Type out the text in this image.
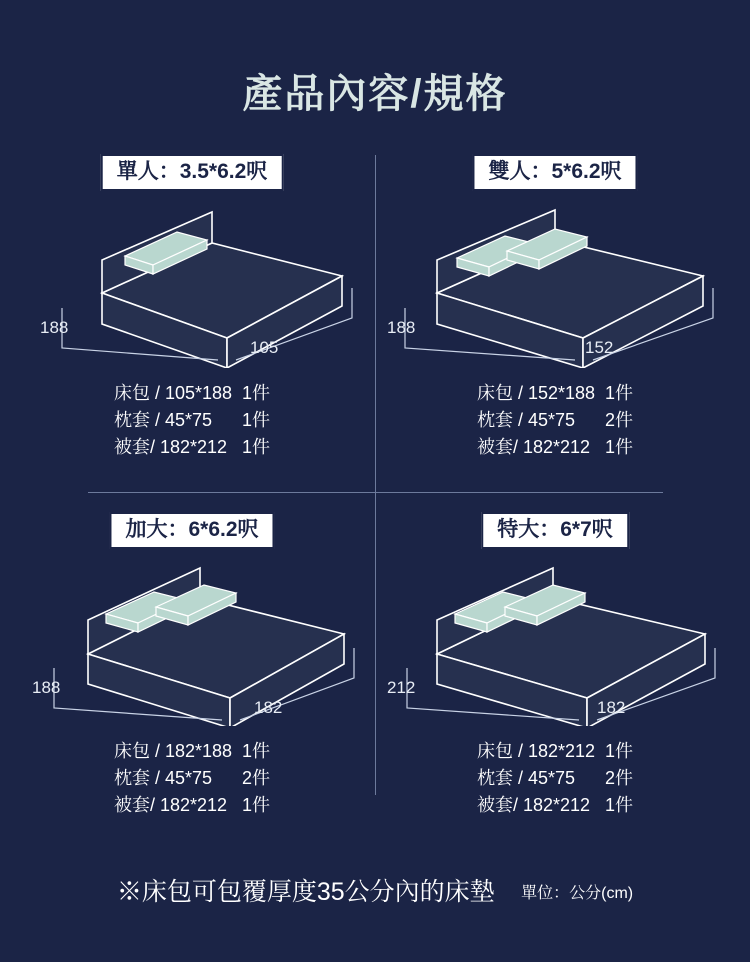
產品內容/規格
單人：3.5*6.2呎
188
105
床包 / 105*188  1件
枕套 / 45*75      1件
被套/ 182*212   1件
雙人：5*6.2呎
188
152
床包 / 152*188  1件
枕套 / 45*75      2件
被套/ 182*212   1件
加大：6*6.2呎
188
182
床包 / 182*188  1件
枕套 / 45*75      2件
被套/ 182*212   1件
特大：6*7呎
212
182
床包 / 182*212  1件
枕套 / 45*75      2件
被套/ 182*212   1件
※床包可包覆厚度35公分內的床墊 單位：公分(cm)
